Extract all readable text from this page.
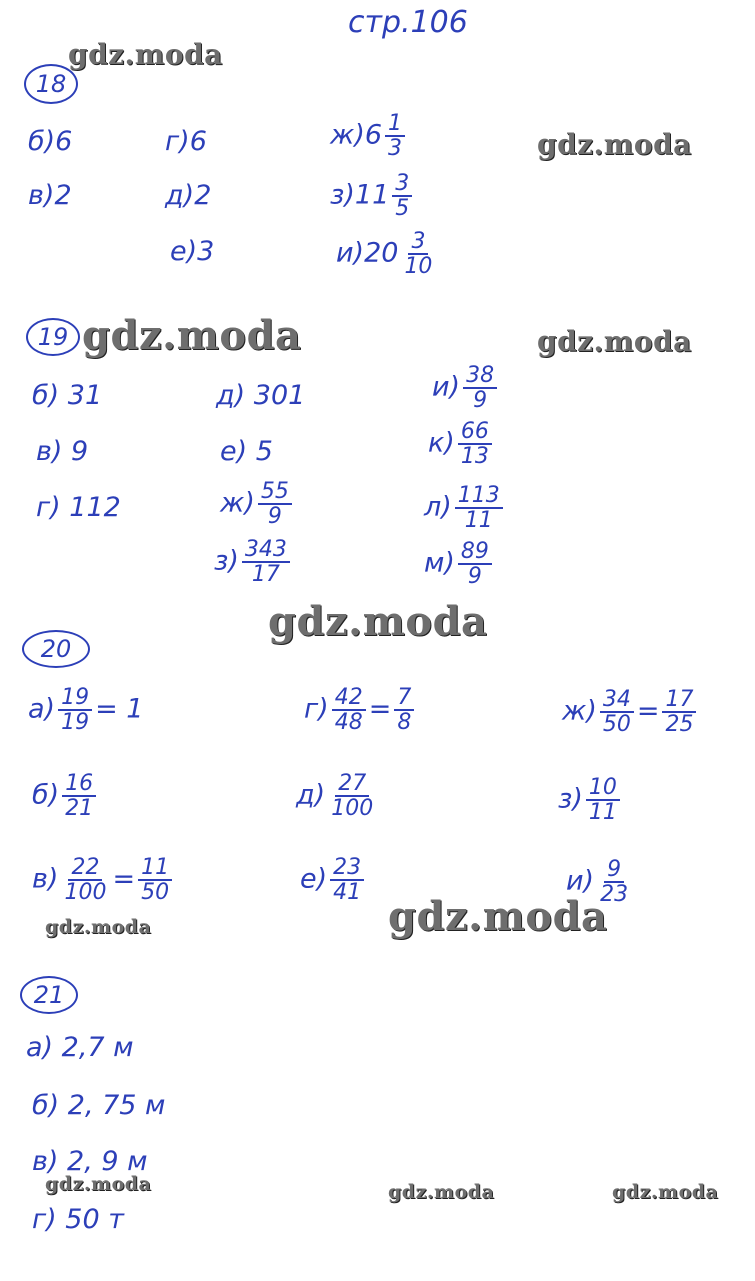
стр.106
gdz.moda
gdz.moda
gdz.moda	gdz.moda
gdz.moda
gdz.moda	gdz.moda
gdz.moda	gdz.moda	gdz.moda
18
б)6
в)2
г)6
д)2
е)3
$ж)6 \frac{1}{3}$
$з)11 \frac{3}{5}$
$и)20 \frac{3}{10}$
19
б) 31
в) 9
г) 112
д) 301
е) 5
$ж) \frac{55}{9}$
$з) \frac{343}{17}$
$и) \frac{38}{9}$
$к) \frac{66}{13}$
$л) \frac{113}{11}$
$м) \frac{89}{9}$
20
$а) \frac{19}{19} = 1$
$б) \frac{16}{21}$
$в) \frac{22}{100} = \frac{11}{50}$
$г) \frac{42}{48} = \frac{7}{8}$
$д) \frac{27}{100}$
$е) \frac{23}{41}$
$ж) \frac{34}{50} = \frac{17}{25}$
$з) \frac{10}{11}$
$и) \frac{9}{23}$
21
а) 2,7 м
б) 2, 75 м
в) 2, 9 м
г) 50 т
